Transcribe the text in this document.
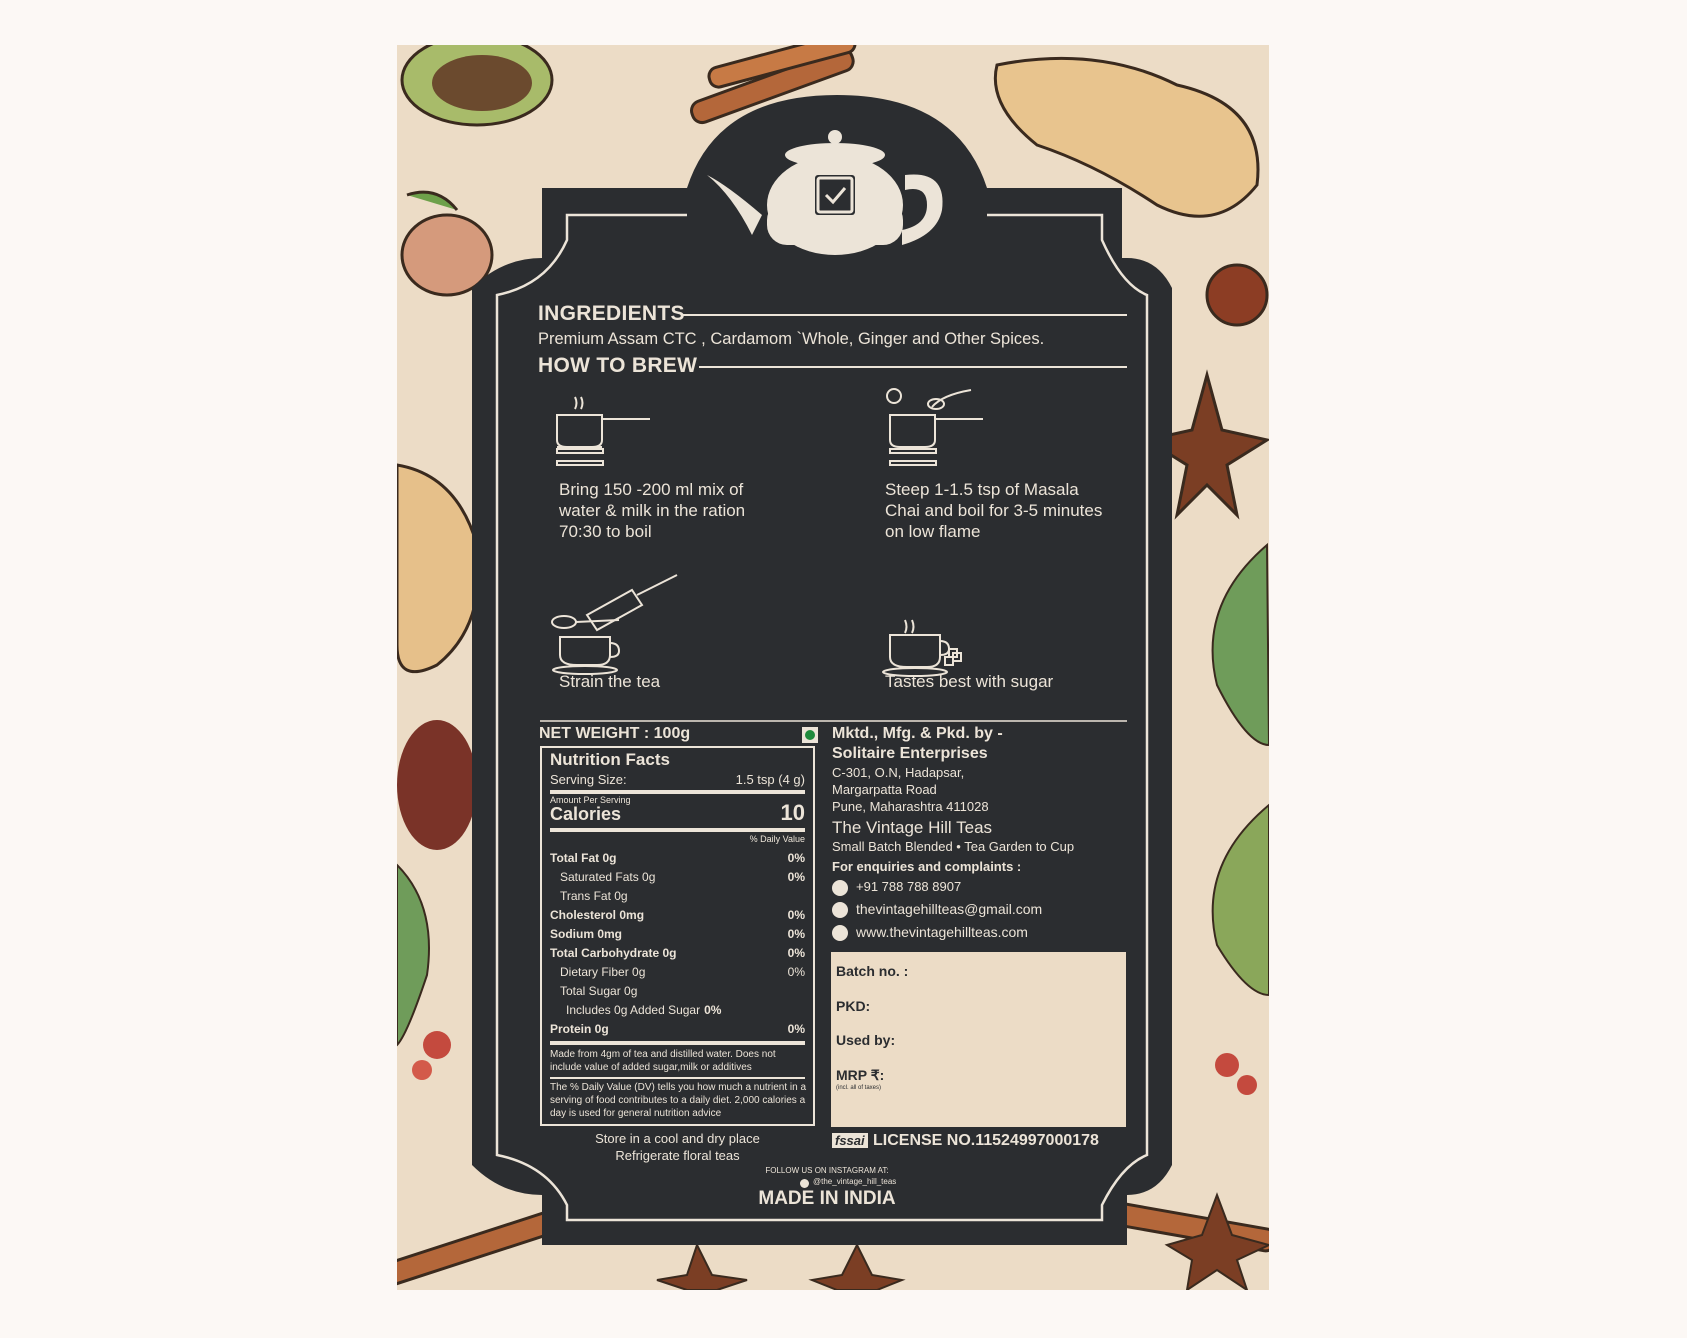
INGREDIENTS
Premium Assam CTC , Cardamom `Whole, Ginger and Other Spices.
HOW TO BREW
Bring 150 -200 ml mix of water & milk in the ration 70:30 to boil
Steep 1-1.5 tsp of Masala Chai and boil for 3-5 minutes on low flame
Strain the tea	Tastes best with sugar
NET WEIGHT : 100g
Nutrition Facts
Serving Size:	1.5 tsp (4 g)
Amount Per Serving
Calories	10
% Daily Value
Total Fat 0g	0%
Saturated Fats 0g	0%
Trans Fat 0g
Cholesterol 0mg	0%
Sodium 0mg	0%
Total Carbohydrate 0g	0%
Dietary Fiber 0g	0%
Total Sugar 0g
Includes 0g Added Sugar 0%
Protein 0g	0%
Made from 4gm of tea and distilled water. Does not include value of added sugar,milk or additives
The % Daily Value (DV) tells you how much a nutrient in a serving of food contributes to a daily diet. 2,000 calories a day is used for general nutrition advice
Mktd., Mfg. & Pkd. by -
Solitaire Enterprises
C-301, O.N, Hadapsar,
Margarpatta Road
Pune, Maharashtra 411028
The Vintage Hill Teas
Small Batch Blended • Tea Garden to Cup
For enquiries and complaints :
+91 788 788 8907
thevintagehillteas@gmail.com
www.thevintagehillteas.com
Batch no. :
PKD:
Used by:
MRP ₹:
(incl. all of taxes)
Store in a cool and dry place
Refrigerate floral teas
fssai LICENSE NO.11524997000178
FOLLOW US ON INSTAGRAM AT:
@the_vintage_hill_teas
MADE IN INDIA
